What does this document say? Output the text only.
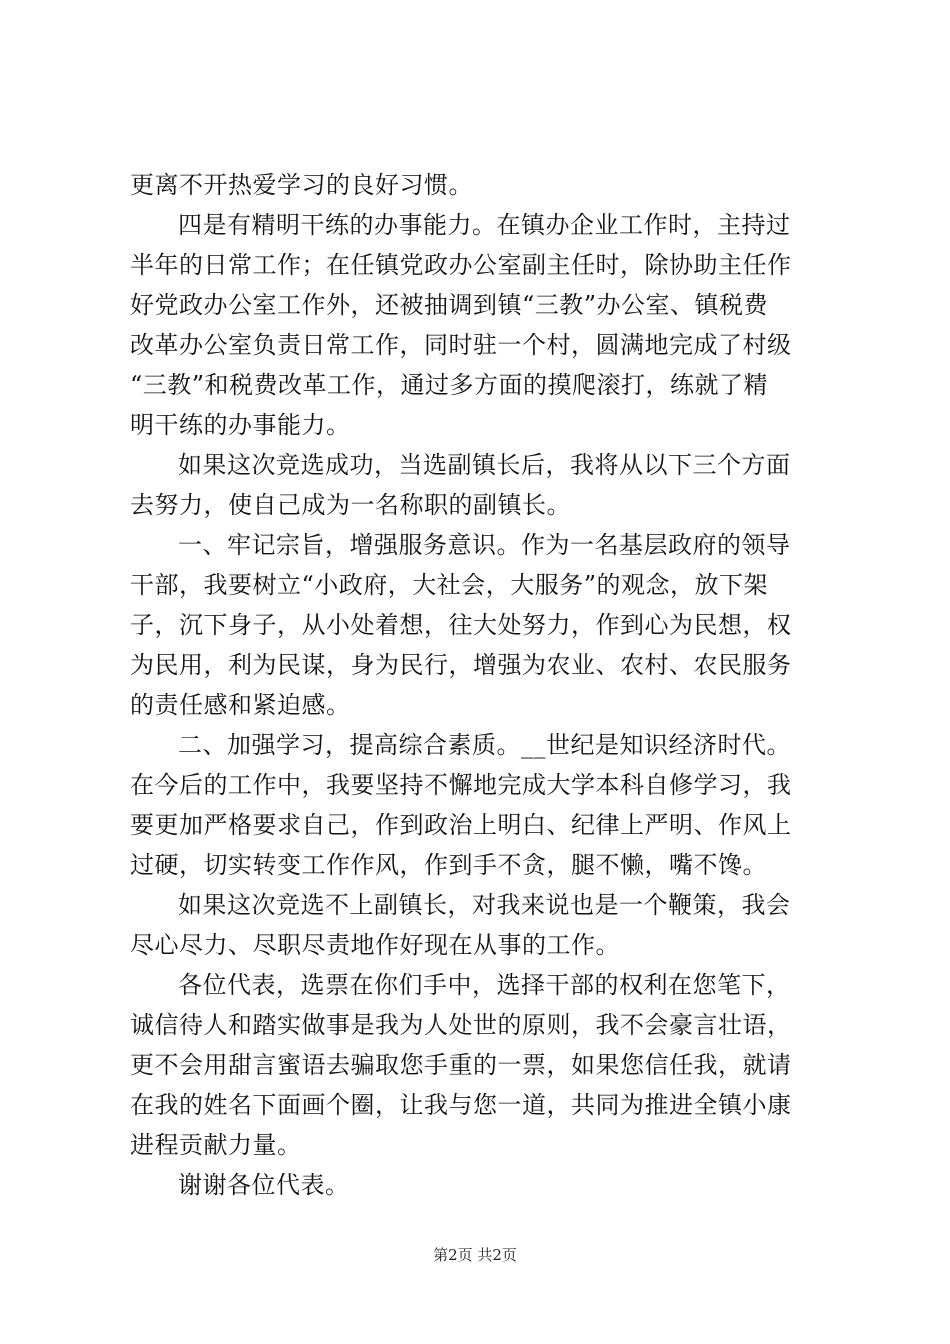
更离不开热爱学习的良好习惯。
四是有精明干练的办事能力。在镇办企业工作时，主持过
半年的日常工作；在任镇党政办公室副主任时，除协助主任作
好党政办公室工作外，还被抽调到镇“三教”办公室、镇税费
改革办公室负责日常工作，同时驻一个村，圆满地完成了村级
“三教”和税费改革工作，通过多方面的摸爬滚打，练就了精
明干练的办事能力。
如果这次竞选成功，当选副镇长后，我将从以下三个方面
去努力，使自己成为一名称职的副镇长。
一、牢记宗旨，增强服务意识。作为一名基层政府的领导
干部，我要树立“小政府，大社会，大服务”的观念，放下架
子，沉下身子，从小处着想，往大处努力，作到心为民想，权
为民用，利为民谋，身为民行，增强为农业、农村、农民服务
的责任感和紧迫感。
二、加强学习，提高综合素质。__世纪是知识经济时代。
在今后的工作中，我要坚持不懈地完成大学本科自修学习，我
要更加严格要求自己，作到政治上明白、纪律上严明、作风上
过硬，切实转变工作作风，作到手不贪，腿不懒，嘴不馋。
如果这次竞选不上副镇长，对我来说也是一个鞭策，我会
尽心尽力、尽职尽责地作好现在从事的工作。
各位代表，选票在你们手中，选择干部的权利在您笔下，
诚信待人和踏实做事是我为人处世的原则，我不会豪言壮语，
更不会用甜言蜜语去骗取您手重的一票，如果您信任我，就请
在我的姓名下面画个圈，让我与您一道，共同为推进全镇小康
进程贡献力量。
谢谢各位代表。
第2页 共2页
